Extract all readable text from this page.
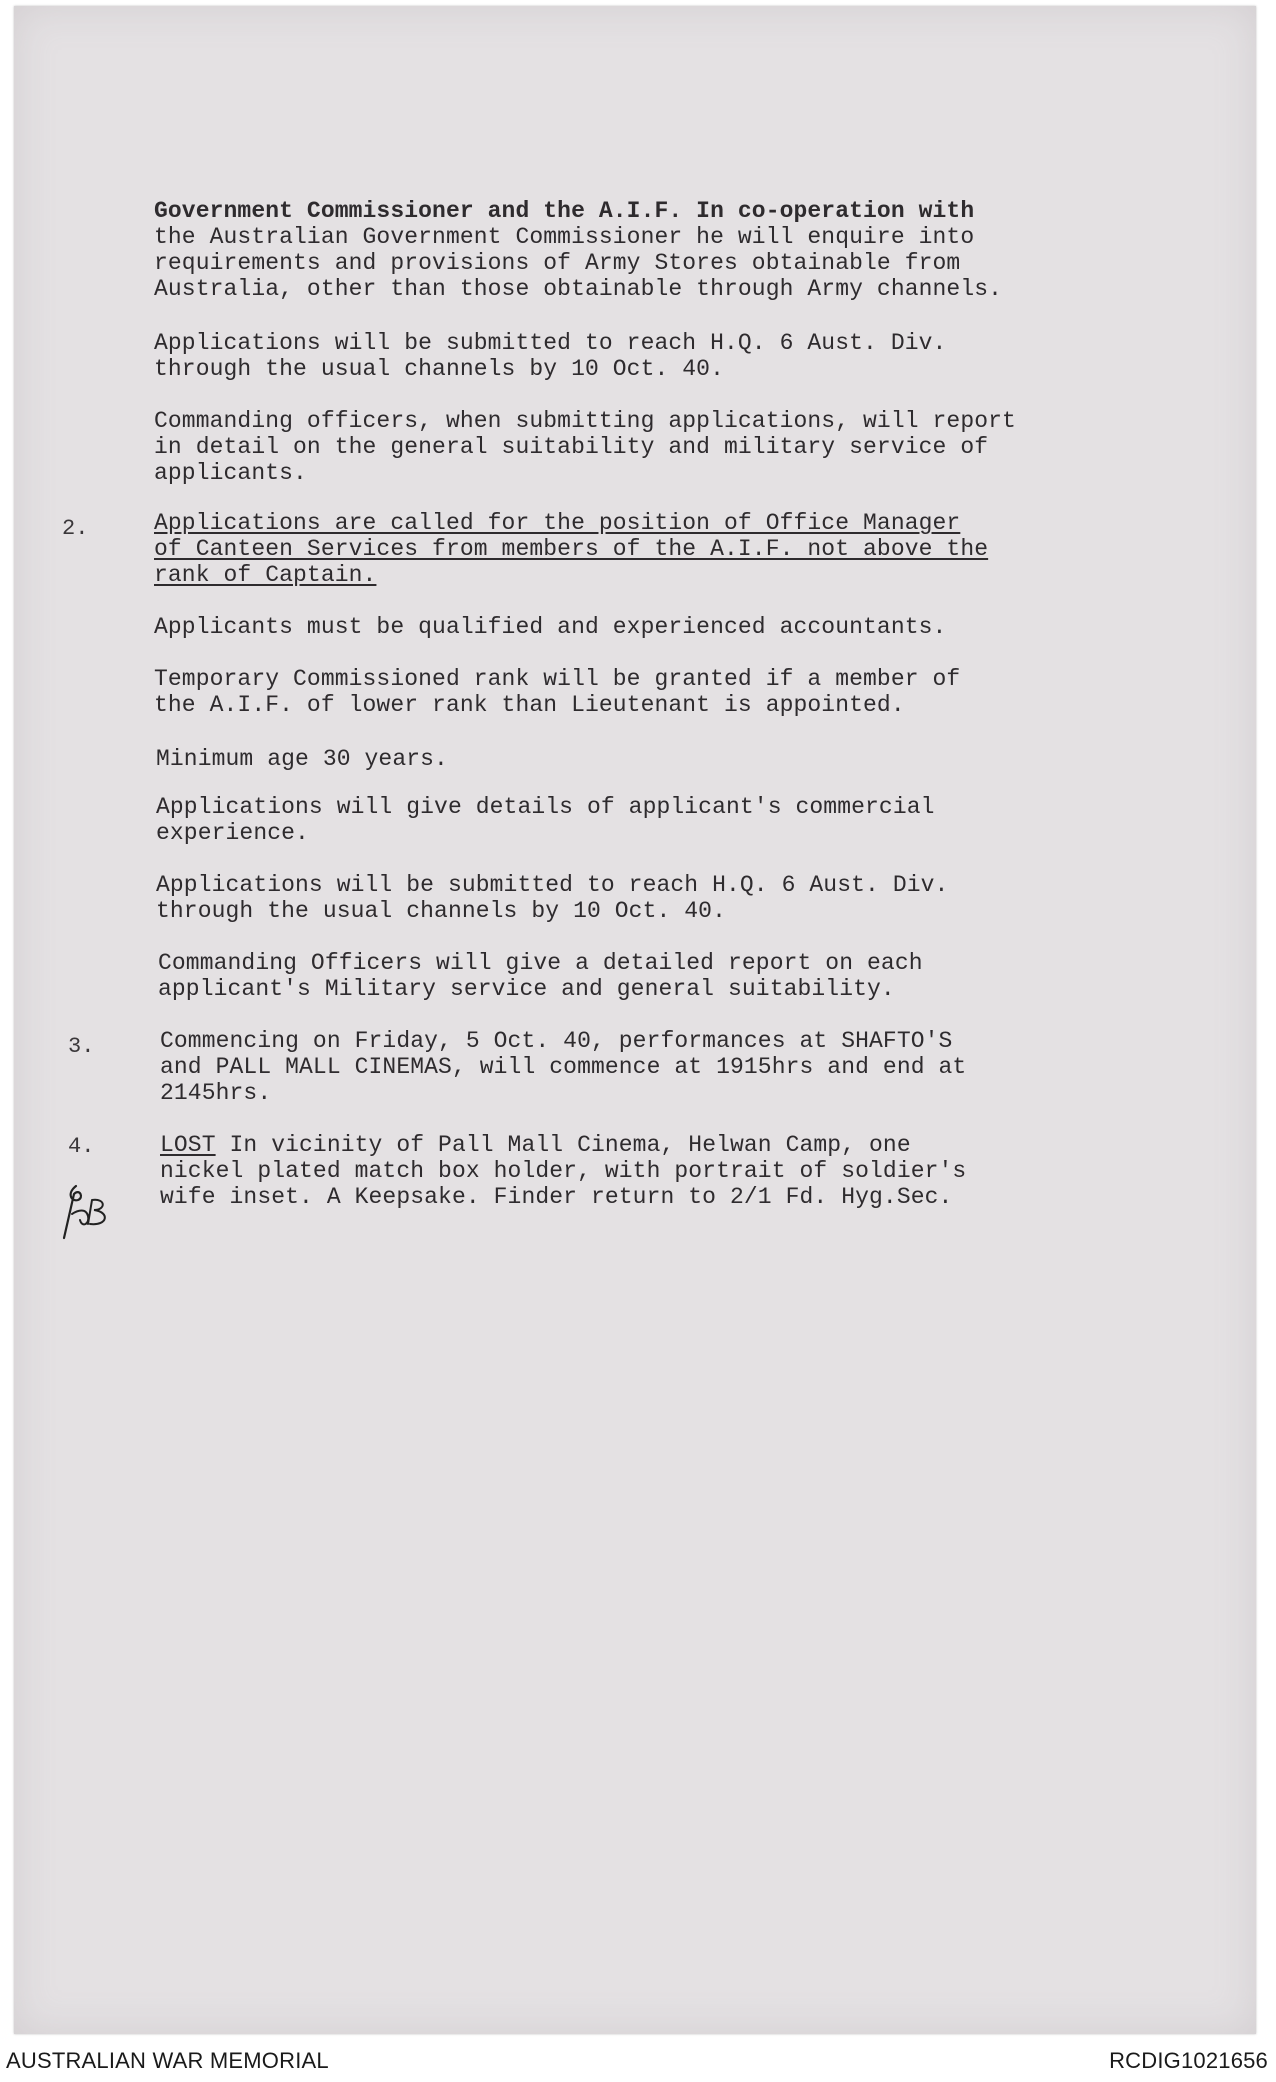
Government Commissioner and the A.I.F. In co-operation with

the Australian Government Commissioner he will enquire into

requirements and provisions of Army Stores obtainable from

Australia, other than those obtainable through Army channels.

Applications will be submitted to reach H.Q. 6 Aust. Div.

through the usual channels by 10 Oct. 40.

Commanding officers, when submitting applications, will report

in detail on the general suitability and military service of

applicants.

2.	Applications are called for the position of Office Manager

of Canteen Services from members of the A.I.F. not above the

rank of Captain.

Applicants must be qualified and experienced accountants.

Temporary Commissioned rank will be granted if a member of

the A.I.F. of lower rank than Lieutenant is appointed.

Minimum age 30 years.

Applications will give details of applicant's commercial

experience.

Applications will be submitted to reach H.Q. 6 Aust. Div.

through the usual channels by 10 Oct. 40.

Commanding Officers will give a detailed report on each

applicant's Military service and general suitability.

3.	Commencing on Friday, 5 Oct. 40, performances at SHAFTO'S

and PALL MALL CINEMAS, will commence at 1915hrs and end at

2145hrs.

4.	LOST In vicinity of Pall Mall Cinema, Helwan Camp, one

nickel plated match box holder, with portrait of soldier's

wife inset. A Keepsake. Finder return to 2/1 Fd. Hyg.Sec.

AUSTRALIAN WAR MEMORIAL	RCDIG1021656
